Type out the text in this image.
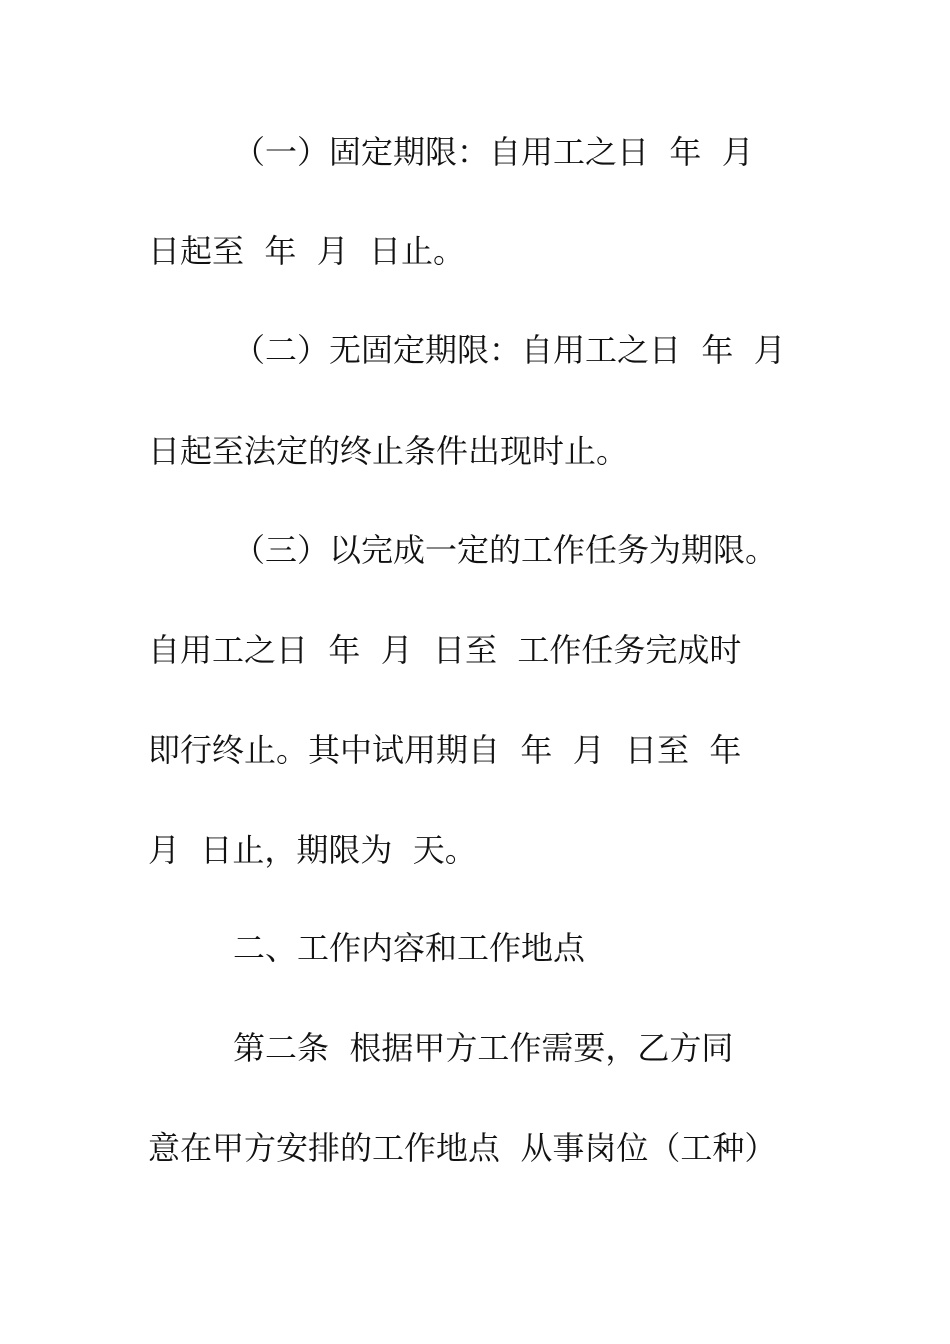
（一）固定期限：自用工之日  年  月
日起至  年  月  日止。
（二）无固定期限：自用工之日  年  月
日起至法定的终止条件出现时止。
（三）以完成一定的工作任务为期限。
自用工之日  年  月  日至  工作任务完成时
即行终止。其中试用期自  年  月  日至  年
月  日止，期限为  天。
二、工作内容和工作地点
第二条  根据甲方工作需要，乙方同
意在甲方安排的工作地点  从事岗位（工种）
